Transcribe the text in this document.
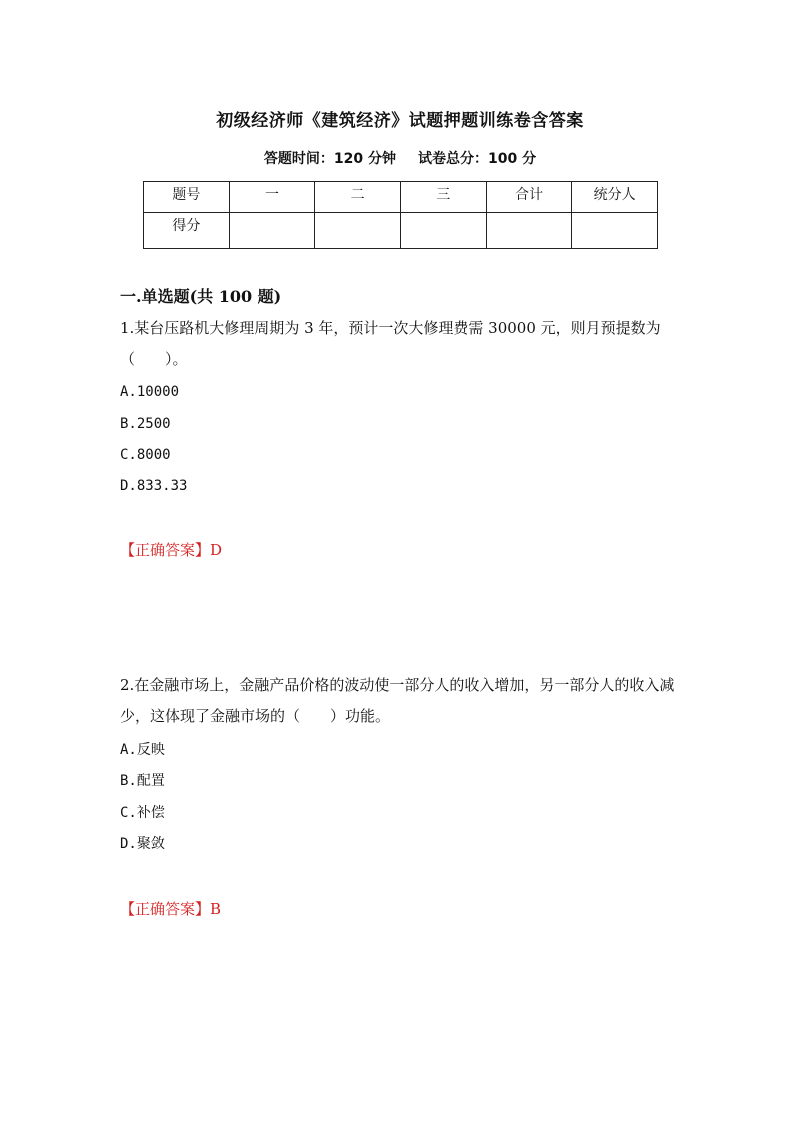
初级经济师《建筑经济》试题押题训练卷含答案
答题时间：120 分钟 试卷总分：100 分
题号	一	二	三	合计	统分人
得分					
一.单选题(共 100 题)
1.某台压路机大修理周期为 3 年，预计一次大修理费需 30000 元，则月预提数为（　　）。
A.10000
B.2500
C.8000
D.833.33
【正确答案】D
2.在金融市场上，金融产品价格的波动使一部分人的收入增加，另一部分人的收入减少，这体现了金融市场的（　　）功能。
A.反映
B.配置
C.补偿
D.聚敛
【正确答案】B
